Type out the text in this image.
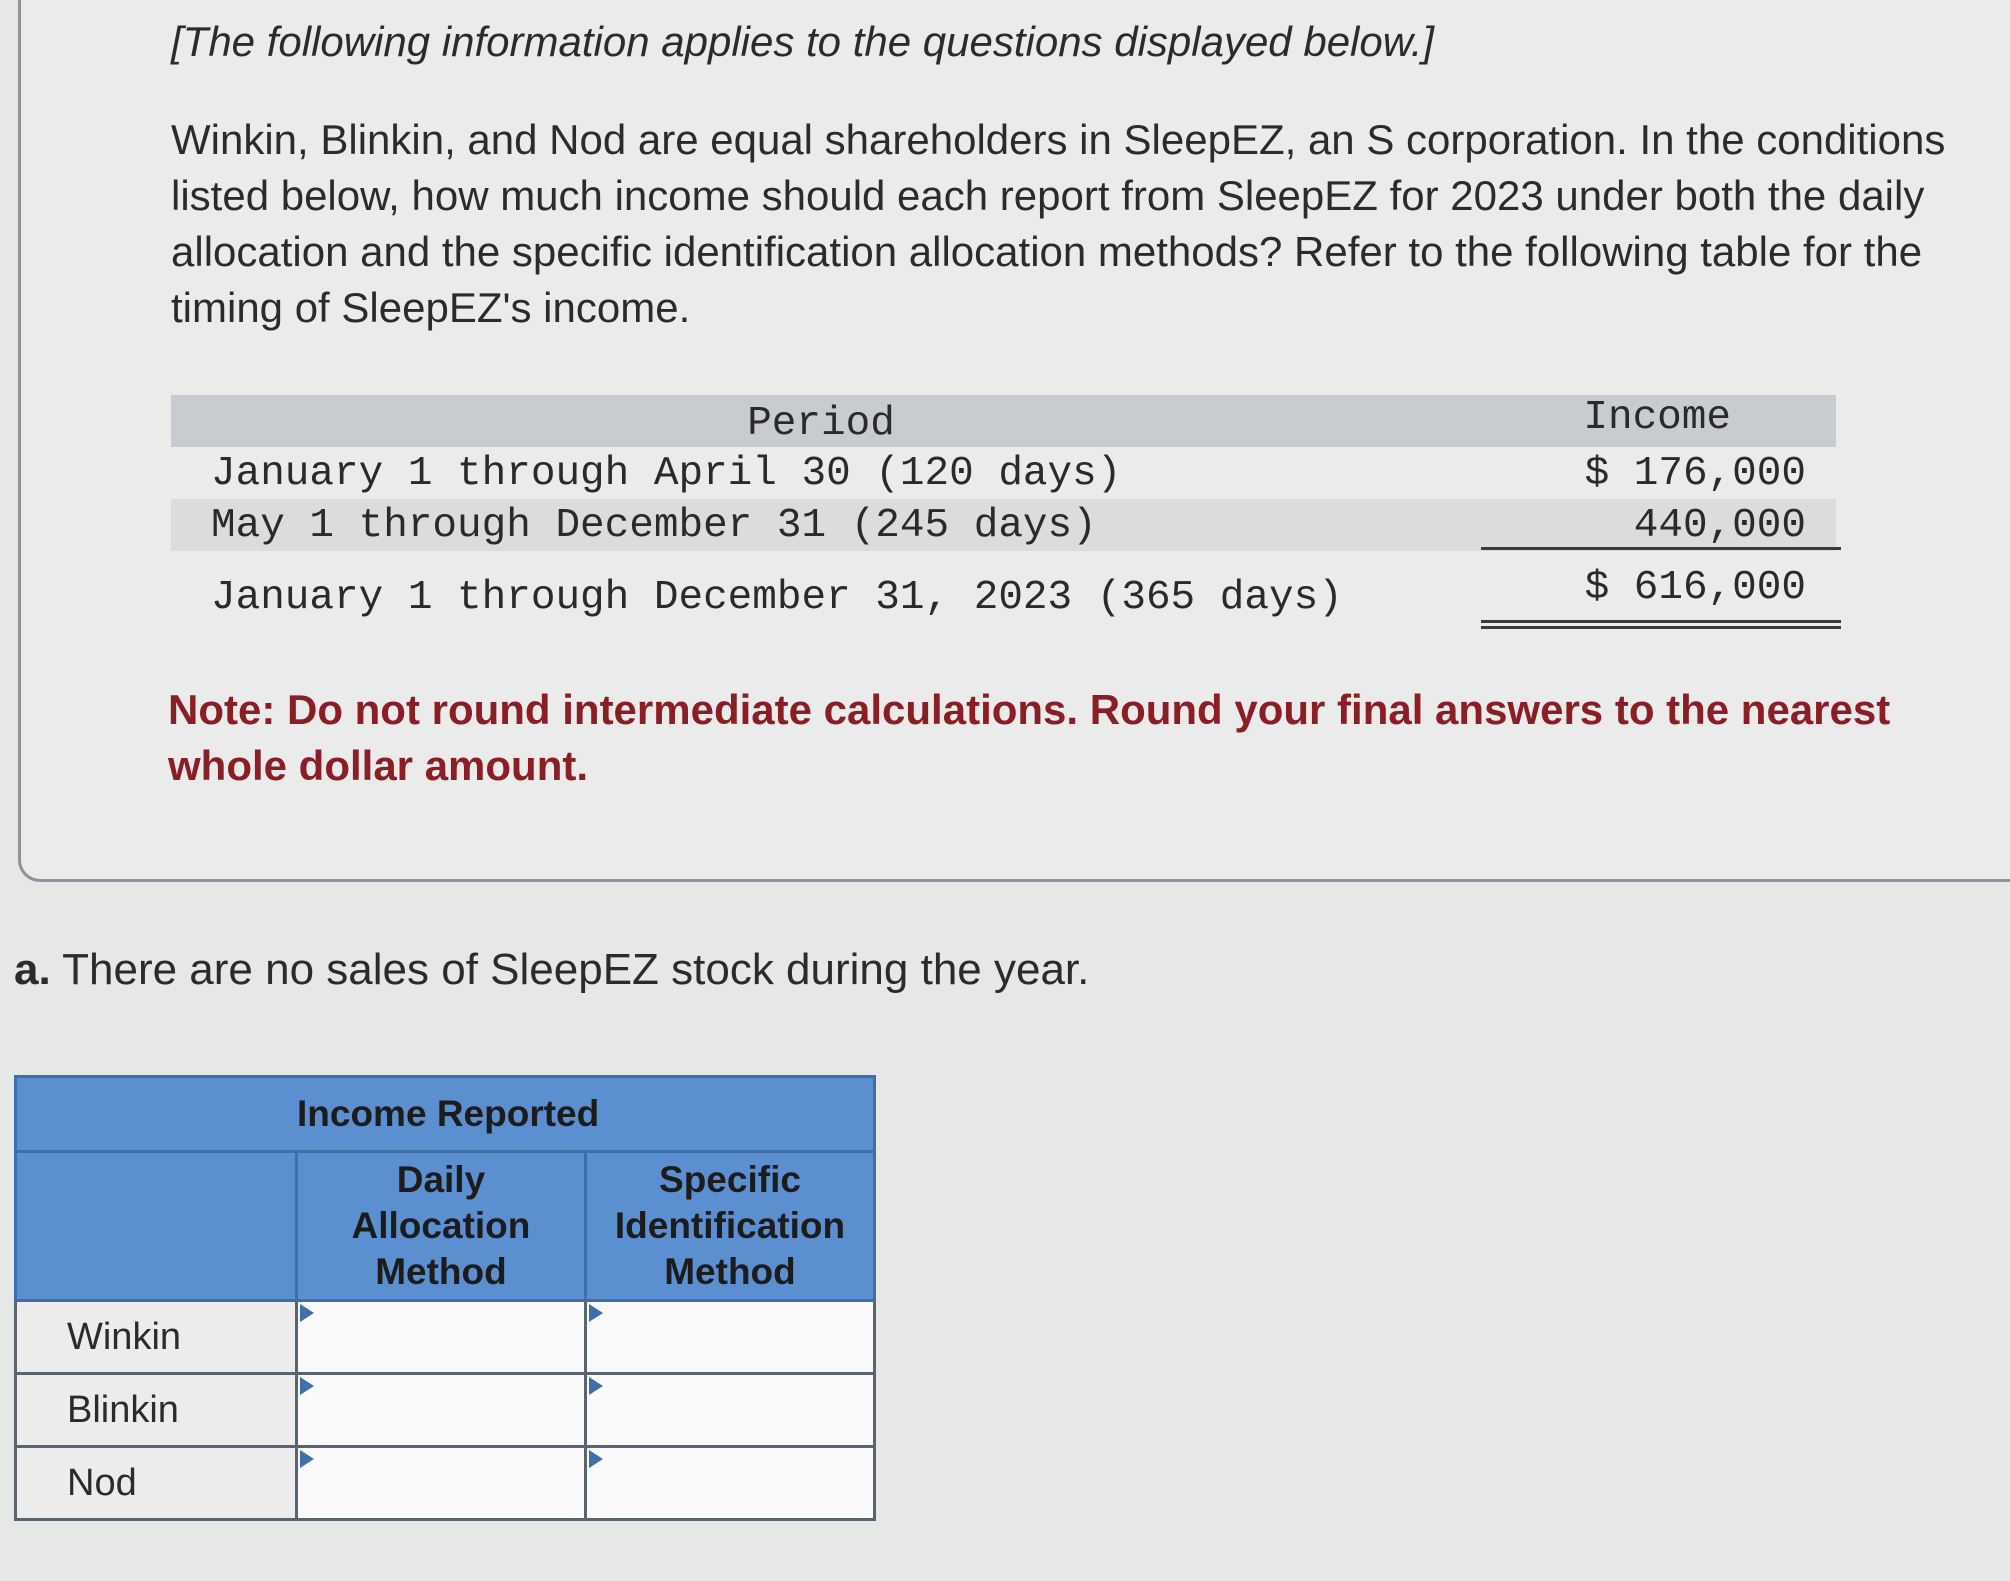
[The following information applies to the questions displayed below.]

Winkin, Blinkin, and Nod are equal shareholders in SleepEZ, an S corporation. In the conditions listed below, how much income should each report from SleepEZ for 2023 under both the daily allocation and the specific identification allocation methods? Refer to the following table for the timing of SleepEZ's income.

Period	Income
January 1 through April 30 (120 days)	$ 176,000
May 1 through December 31 (245 days)	440,000
January 1 through December 31, 2023 (365 days)	$ 616,000

Note: Do not round intermediate calculations. Round your final answers to the nearest whole dollar amount.

a. There are no sales of SleepEZ stock during the year.

Income Reported		
	Daily Allocation Method	Specific Identification Method
Winkin	

Blinkin	

Nod	
